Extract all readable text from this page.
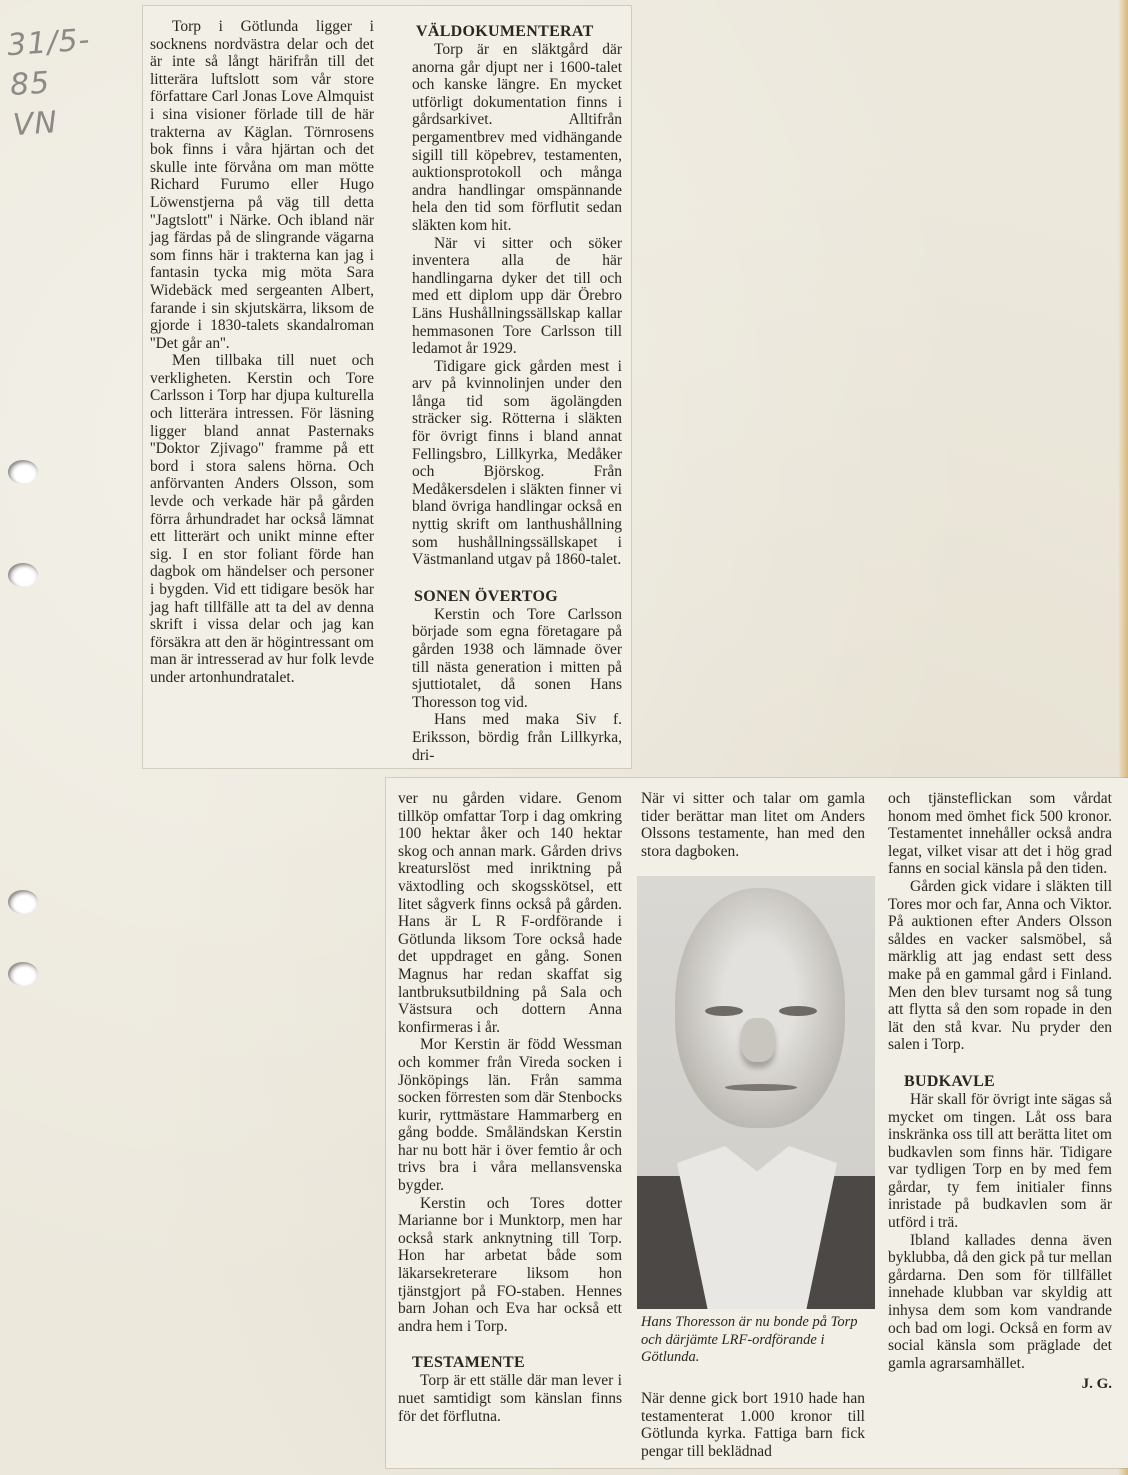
31/5-85
VN

Torp i Götlunda ligger i socknens nordvästra delar och det är inte så långt härifrån till det litterära luftslott som vår store författare Carl Jonas Love Almquist i sina visioner förlade till de här trakterna av Käglan. Törnrosens bok finns i våra hjärtan och det skulle inte förvåna om man mötte Richard Furumo eller Hugo Löwenstjerna på väg till detta ''Jagtslott'' i Närke. Och ibland när jag färdas på de slingrande vägarna som finns här i trakterna kan jag i fantasin tycka mig möta Sara Widebäck med sergeanten Albert, farande i sin skjutskärra, liksom de gjorde i 1830-talets skandalroman ''Det går an''.

Men tillbaka till nuet och verkligheten. Kerstin och Tore Carlsson i Torp har djupa kulturella och litterära intressen. För läsning ligger bland annat Pasternaks ''Doktor Zjivago'' framme på ett bord i stora salens hörna. Och anförvanten Anders Olsson, som levde och verkade här på gården förra århundradet har också lämnat ett litterärt och unikt minne efter sig. I en stor foliant förde han dagbok om händelser och personer i bygden. Vid ett tidigare besök har jag haft tillfälle att ta del av denna skrift i vissa delar och jag kan försäkra att den är högintressant om man är intresserad av hur folk levde under artonhundratalet.

VÄLDOKUMENTERAT

Torp är en släktgård där anorna går djupt ner i 1600-talet och kanske längre. En mycket utförligt dokumentation finns i gårdsarkivet. Alltifrån pergamentbrev med vidhängande sigill till köpebrev, testamenten, auktionsprotokoll och många andra handlingar omspännande hela den tid som förflutit sedan släkten kom hit.

När vi sitter och söker inventera alla de här handlingarna dyker det till och med ett diplom upp där Örebro Läns Hushållningssällskap kallar hemmasonen Tore Carlsson till ledamot år 1929.

Tidigare gick gården mest i arv på kvinnolinjen under den långa tid som ägolängden sträcker sig. Rötterna i släkten för övrigt finns i bland annat Fellingsbro, Lillkyrka, Medåker och Björskog. Från Medåkersdelen i släkten finner vi bland övriga handlingar också en nyttig skrift om lanthushållning som hushållningssällskapet i Västmanland utgav på 1860-talet.

SONEN ÖVERTOG

Kerstin och Tore Carlsson började som egna företagare på gården 1938 och lämnade över till nästa generation i mitten på sjuttiotalet, då sonen Hans Thoresson tog vid.

Hans med maka Siv f. Eriksson, bördig från Lillkyrka, dri-

ver nu gården vidare. Genom tillköp omfattar Torp i dag omkring 100 hektar åker och 140 hektar skog och annan mark. Gården drivs kreaturslöst med inriktning på växtodling och skogsskötsel, ett litet sågverk finns också på gården. Hans är L R F-ordförande i Götlunda liksom Tore också hade det uppdraget en gång. Sonen Magnus har redan skaffat sig lantbruksutbildning på Sala och Västsura och dottern Anna konfirmeras i år.

Mor Kerstin är född Wessman och kommer från Vireda socken i Jönköpings län. Från samma socken förresten som där Stenbocks kurir, ryttmästare Hammarberg en gång bodde. Småländskan Kerstin har nu bott här i över femtio år och trivs bra i våra mellansvenska bygder.

Kerstin och Tores dotter Marianne bor i Munktorp, men har också stark anknytning till Torp. Hon har arbetat både som läkarsekreterare liksom hon tjänstgjort på FO-staben. Hennes barn Johan och Eva har också ett andra hem i Torp.

TESTAMENTE

Torp är ett ställe där man lever i nuet samtidigt som känslan finns för det förflutna.

När vi sitter och talar om gamla tider berättar man litet om Anders Olssons testamente, han med den stora dagboken.

Hans Thoresson är nu bonde på Torp och därjämte LRF-ordförande i Götlunda.

När denne gick bort 1910 hade han testamenterat 1.000 kronor till Götlunda kyrka. Fattiga barn fick pengar till beklädnad

och tjänsteflickan som vårdat honom med ömhet fick 500 kronor. Testamentet innehåller också andra legat, vilket visar att det i hög grad fanns en social känsla på den tiden.

Gården gick vidare i släkten till Tores mor och far, Anna och Viktor. På auktionen efter Anders Olsson såldes en vacker salsmöbel, så märklig att jag endast sett dess make på en gammal gård i Finland. Men den blev tursamt nog så tung att flytta så den som ropade in den lät den stå kvar. Nu pryder den salen i Torp.

BUDKAVLE

Här skall för övrigt inte sägas så mycket om tingen. Låt oss bara inskränka oss till att berätta litet om budkavlen som finns här. Tidigare var tydligen Torp en by med fem gårdar, ty fem initialer finns inristade på budkavlen som är utförd i trä.

Ibland kallades denna även byklubba, då den gick på tur mellan gårdarna. Den som för tillfället innehade klubban var skyldig att inhysa dem som kom vandrande och bad om logi. Också en form av social känsla som präglade det gamla agrarsamhället.

J. G.
